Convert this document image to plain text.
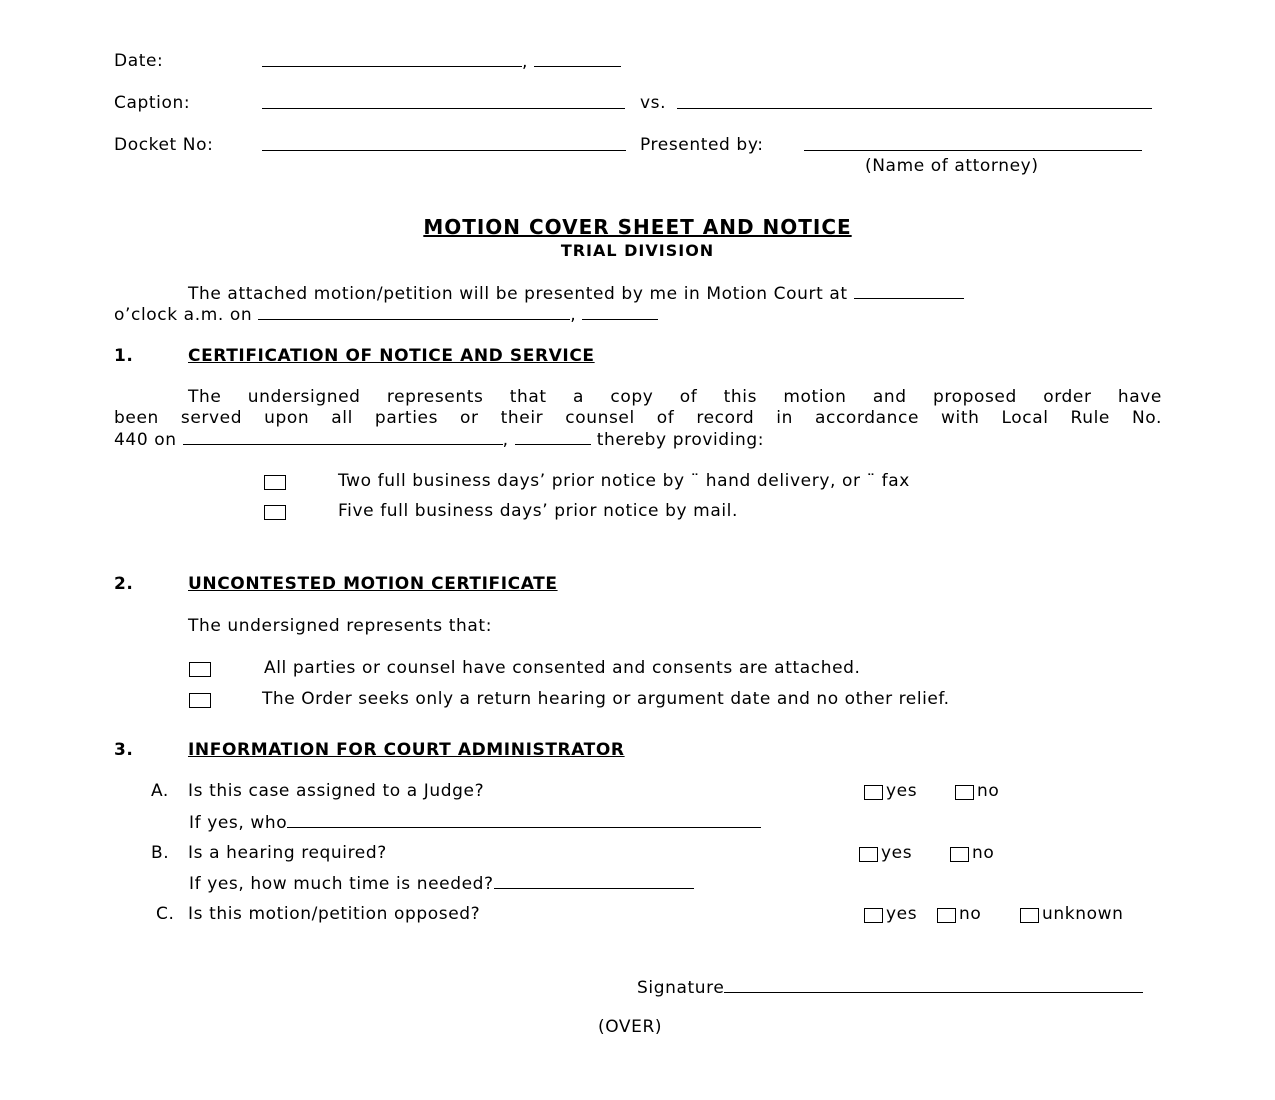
Date:	,
Caption:	vs.
Docket No:	Presented by:
(Name of attorney)
MOTION COVER SHEET AND NOTICE
TRIAL DIVISION
The attached motion/petition will be presented by me in Motion Court at
o’clock a.m. on	,
1.	CERTIFICATION OF NOTICE AND SERVICE
The undersigned represents that a copy of this motion and proposed order have
been served upon all parties or their counsel of record in accordance with Local Rule No.
440 on	,	thereby providing:
Two full business days’ prior notice by ¨ hand delivery, or ¨ fax
Five full business days’ prior notice by mail.
2.	UNCONTESTED MOTION CERTIFICATE
The undersigned represents that:
All parties or counsel have consented and consents are attached.
The Order seeks only a return hearing or argument date and no other relief.
3.	INFORMATION FOR COURT ADMINISTRATOR
A. Is this case assigned to a Judge?	yes	no
If yes, who
B. Is a hearing required?	yes	no
If yes, how much time is needed?
C. Is this motion/petition opposed?	yes no	unknown
Signature
(OVER)
